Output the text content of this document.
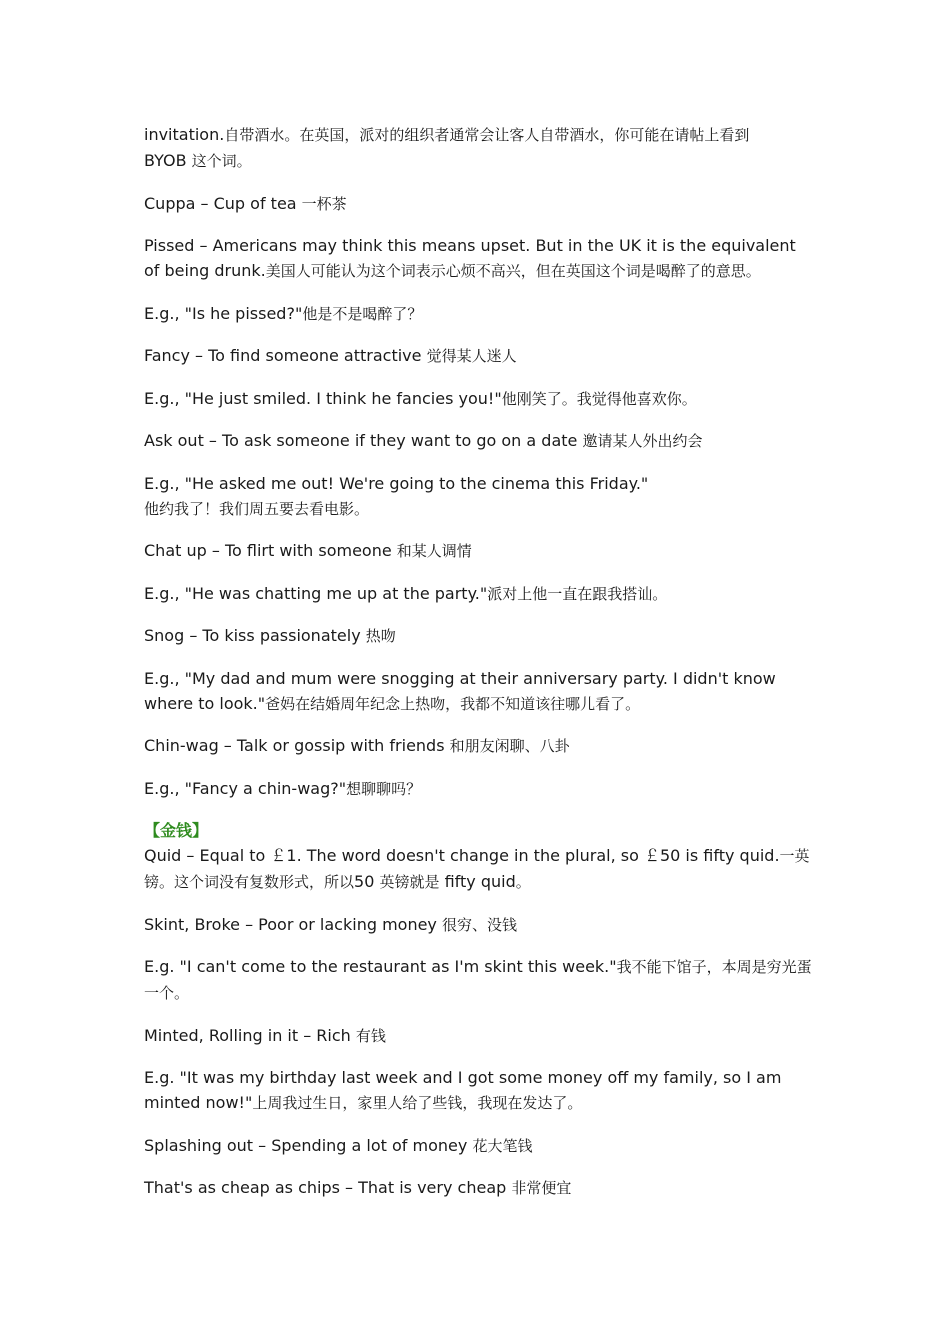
invitation.自带酒水。在英国，派对的组织者通常会让客人自带酒水，你可能在请帖上看到
BYOB 这个词。

Cuppa – Cup of tea 一杯茶

Pissed – Americans may think this means upset. But in the UK it is the equivalent of being drunk.美国人可能认为这个词表示心烦不高兴，但在英国这个词是喝醉了的意思。

E.g., "Is he pissed?"他是不是喝醉了？

Fancy – To find someone attractive 觉得某人迷人

E.g., "He just smiled. I think he fancies you!"他刚笑了。我觉得他喜欢你。

Ask out – To ask someone if they want to go on a date 邀请某人外出约会

E.g., "He asked me out! We're going to the cinema this Friday."
他约我了！我们周五要去看电影。

Chat up – To flirt with someone 和某人调情

E.g., "He was chatting me up at the party."派对上他一直在跟我搭讪。

Snog – To kiss passionately 热吻

E.g., "My dad and mum were snogging at their anniversary party. I didn't know where to look."爸妈在结婚周年纪念上热吻，我都不知道该往哪儿看了。

Chin-wag – Talk or gossip with friends 和朋友闲聊、八卦

E.g., "Fancy a chin-wag?"想聊聊吗？

【金钱】

Quid – Equal to ￡1. The word doesn't change in the plural, so ￡50 is fifty quid.一英镑。这个词没有复数形式，所以50 英镑就是 fifty quid。

Skint, Broke – Poor or lacking money 很穷、没钱

E.g. "I can't come to the restaurant as I'm skint this week."我不能下馆子，本周是穷光蛋一个。

Minted, Rolling in it – Rich 有钱

E.g. "It was my birthday last week and I got some money off my family, so I am minted now!"上周我过生日，家里人给了些钱，我现在发达了。

Splashing out – Spending a lot of money 花大笔钱

That's as cheap as chips – That is very cheap 非常便宜
